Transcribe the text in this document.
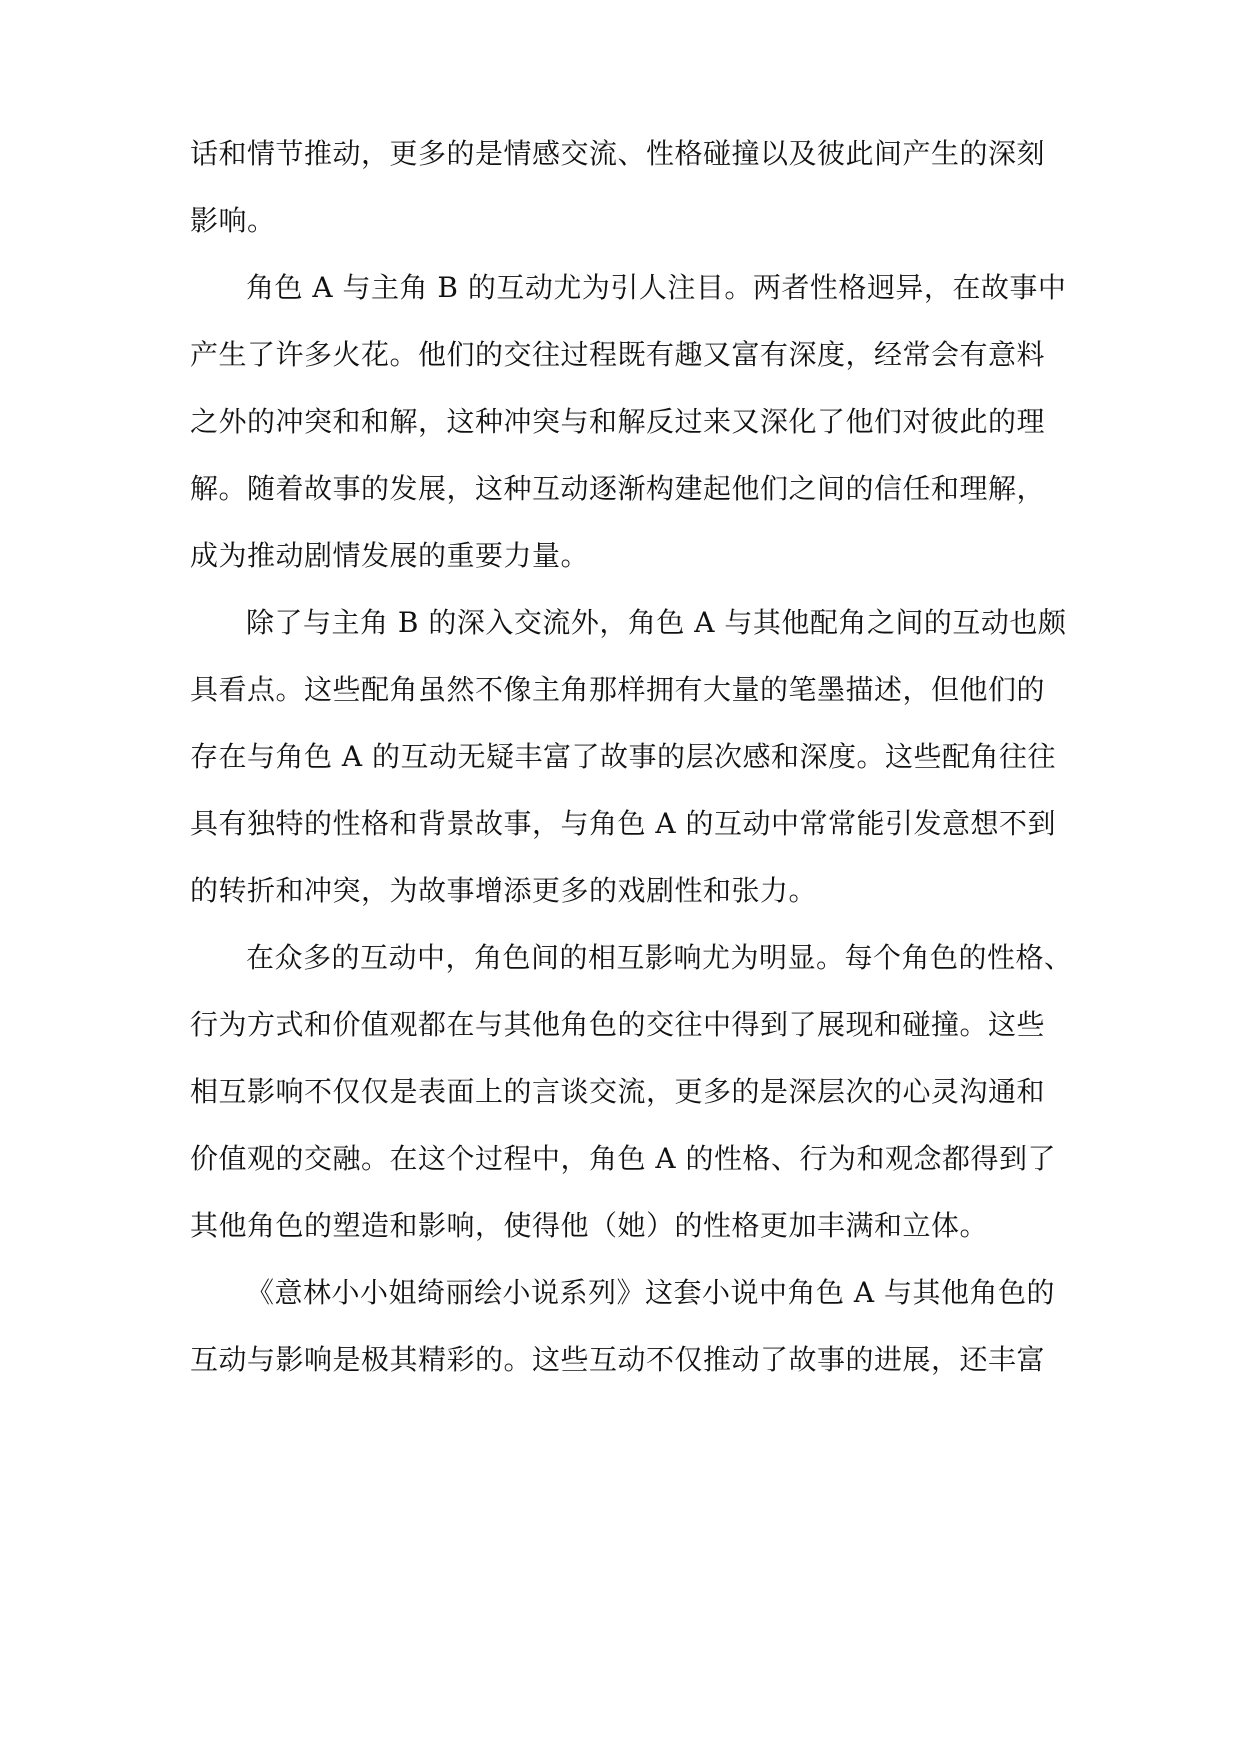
话和情节推动，更多的是情感交流、性格碰撞以及彼此间产生的深刻
影响。
角色 A 与主角 B 的互动尤为引人注目。两者性格迥异，在故事中
产生了许多火花。他们的交往过程既有趣又富有深度，经常会有意料
之外的冲突和和解，这种冲突与和解反过来又深化了他们对彼此的理
解。随着故事的发展，这种互动逐渐构建起他们之间的信任和理解，
成为推动剧情发展的重要力量。
除了与主角 B 的深入交流外，角色 A 与其他配角之间的互动也颇
具看点。这些配角虽然不像主角那样拥有大量的笔墨描述，但他们的
存在与角色 A 的互动无疑丰富了故事的层次感和深度。这些配角往往
具有独特的性格和背景故事，与角色 A 的互动中常常能引发意想不到
的转折和冲突，为故事增添更多的戏剧性和张力。
在众多的互动中，角色间的相互影响尤为明显。每个角色的性格、
行为方式和价值观都在与其他角色的交往中得到了展现和碰撞。这些
相互影响不仅仅是表面上的言谈交流，更多的是深层次的心灵沟通和
价值观的交融。在这个过程中，角色 A 的性格、行为和观念都得到了
其他角色的塑造和影响，使得他（她）的性格更加丰满和立体。
《意林小小姐绮丽绘小说系列》这套小说中角色 A 与其他角色的
互动与影响是极其精彩的。这些互动不仅推动了故事的进展，还丰富
